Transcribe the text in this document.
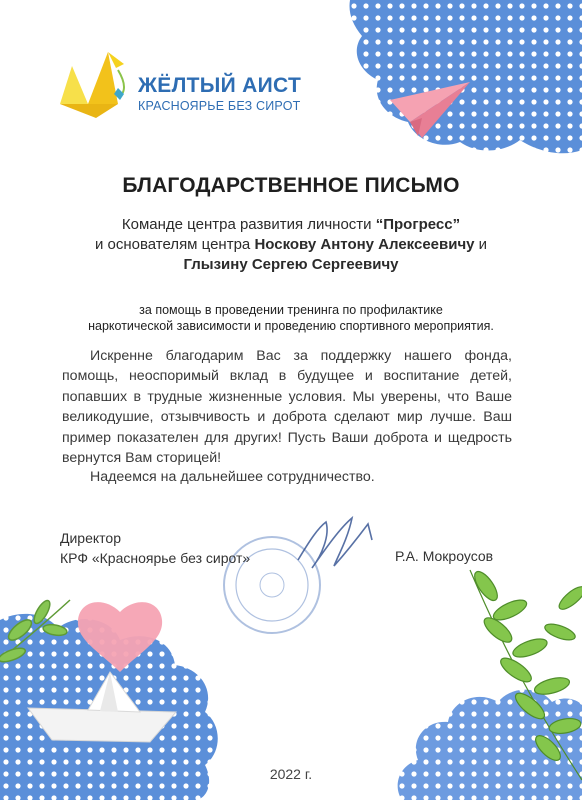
ЖЁЛТЫЙ АИСТ
КРАСНОЯРЬЕ БЕЗ СИРОТ
БЛАГОДАРСТВЕННОЕ ПИСЬМО
Команде центра развития личности “Прогресс”
и основателям центра Носкову Антону Алексеевичу и
Глызину Сергею Сергеевичу
за помощь в проведении тренинга по профилактике
наркотической зависимости и проведению спортивного мероприятия.

Искренне благодарим Вас за поддержку нашего фонда, помощь, неоспоримый вклад в будущее и воспитание детей, попавших в трудные жизненные условия. Мы уверены, что Ваше великодушие, отзывчивость и доброта сделают мир лучше. Ваш пример показателен для других! Пусть Ваши доброта и щедрость вернутся Вам сторицей!

Надеемся на дальнейшее сотрудничество.
Директор
КРФ «Красноярье без сирот»	Р.А. Мокроусов
2022 г.
